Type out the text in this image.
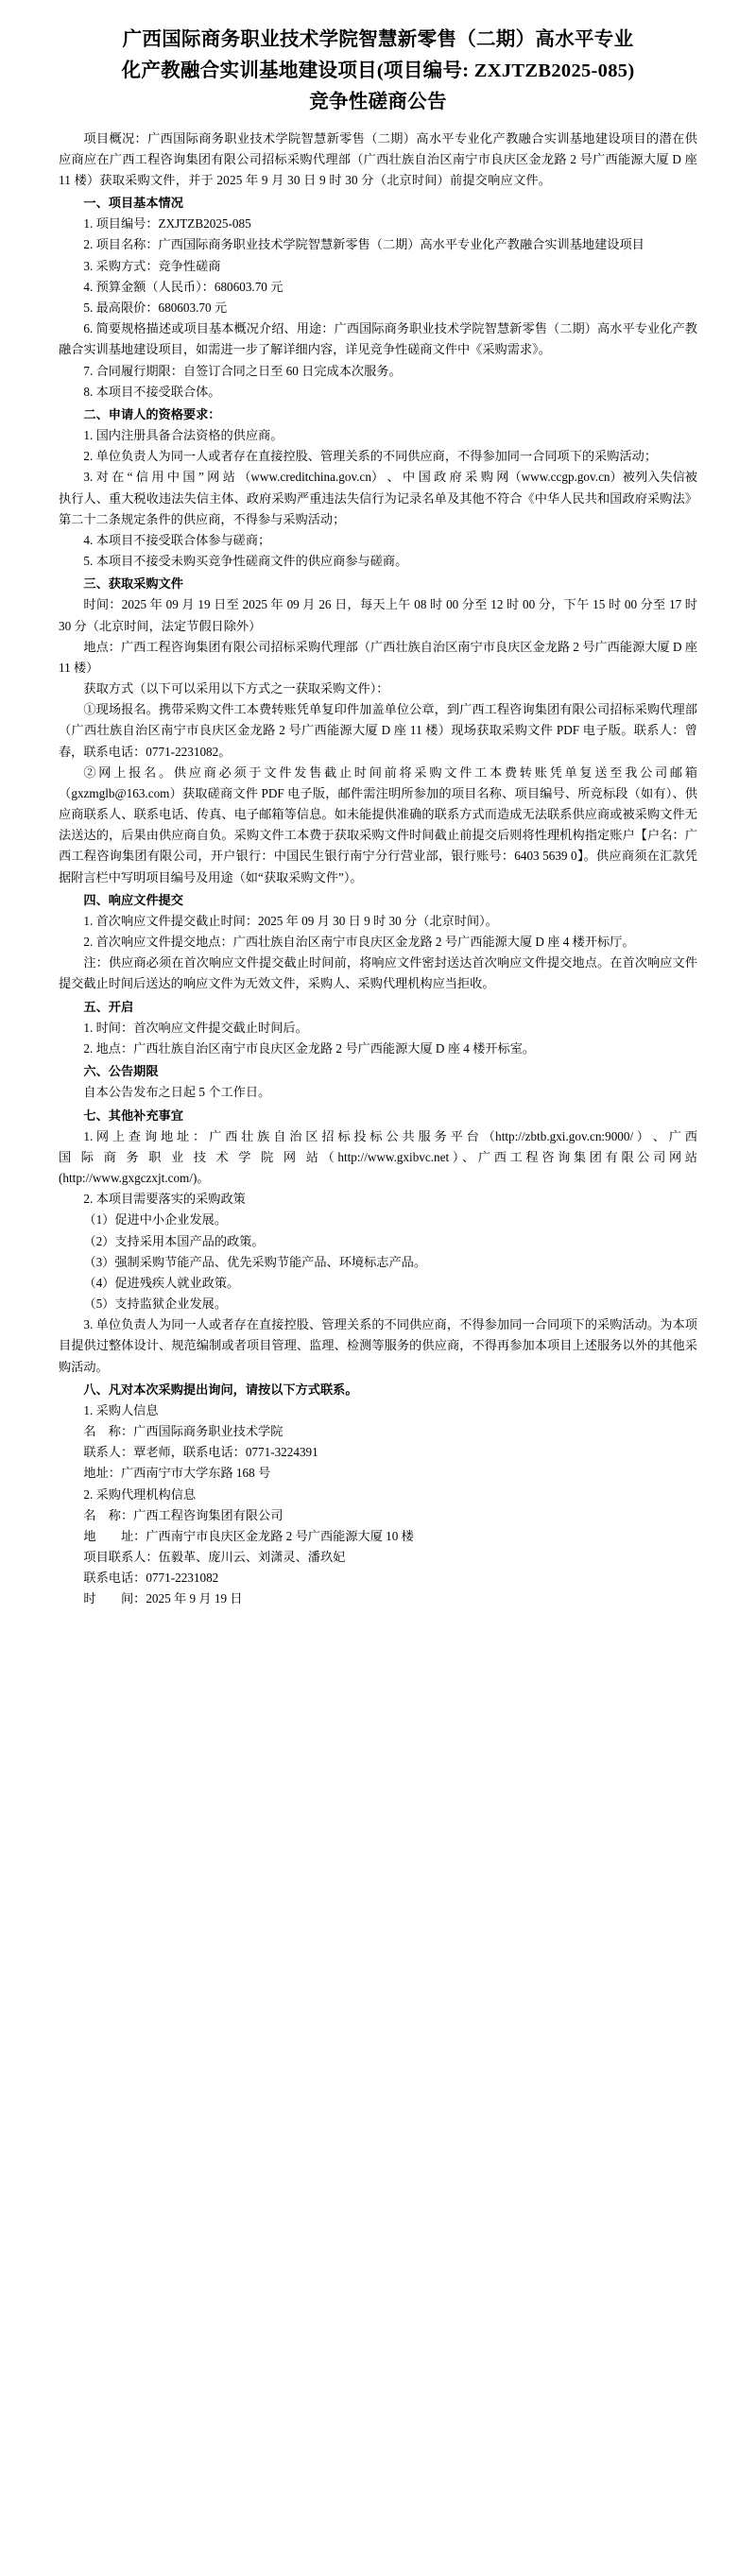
广西国际商务职业技术学院智慧新零售（二期）高水平专业
化产教融合实训基地建设项目(项目编号: ZXJTZB2025-085)
竞争性磋商公告

项目概况：广西国际商务职业技术学院智慧新零售（二期）高水平专业化产教融合实训基地建设项目的潜在供应商应在广西工程咨询集团有限公司招标采购代理部（广西壮族自治区南宁市良庆区金龙路 2 号广西能源大厦 D 座 11 楼）获取采购文件，并于 2025 年 9 月 30 日 9 时 30 分（北京时间）前提交响应文件。

一、项目基本情况

1. 项目编号：ZXJTZB2025-085

2. 项目名称：广西国际商务职业技术学院智慧新零售（二期）高水平专业化产教融合实训基地建设项目

3. 采购方式：竞争性磋商

4. 预算金额（人民币）：680603.70 元

5. 最高限价：680603.70 元

6. 简要规格描述或项目基本概况介绍、用途：广西国际商务职业技术学院智慧新零售（二期）高水平专业化产教融合实训基地建设项目，如需进一步了解详细内容，详见竞争性磋商文件中《采购需求》。

7. 合同履行期限：自签订合同之日至 60 日完成本次服务。

8. 本项目不接受联合体。

二、申请人的资格要求：

1. 国内注册具备合法资格的供应商。

2. 单位负责人为同一人或者存在直接控股、管理关系的不同供应商，不得参加同一合同项下的采购活动；

3. 对 在 “ 信 用 中 国 ” 网 站 （www.creditchina.gov.cn） 、 中 国 政 府 采 购 网（www.ccgp.gov.cn）被列入失信被执行人、重大税收违法失信主体、政府采购严重违法失信行为记录名单及其他不符合《中华人民共和国政府采购法》第二十二条规定条件的供应商，不得参与采购活动；

4. 本项目不接受联合体参与磋商；

5. 本项目不接受未购买竞争性磋商文件的供应商参与磋商。

三、获取采购文件

时间：2025 年 09 月 19 日至 2025 年 09 月 26 日，每天上午 08 时 00 分至 12 时 00 分，下午 15 时 00 分至 17 时 30 分（北京时间，法定节假日除外）

地点：广西工程咨询集团有限公司招标采购代理部（广西壮族自治区南宁市良庆区金龙路 2 号广西能源大厦 D 座 11 楼）

获取方式（以下可以采用以下方式之一获取采购文件）：

①现场报名。携带采购文件工本费转账凭单复印件加盖单位公章，到广西工程咨询集团有限公司招标采购代理部（广西壮族自治区南宁市良庆区金龙路 2 号广西能源大厦 D 座 11 楼）现场获取采购文件 PDF 电子版。联系人：曾春，联系电话：0771-2231082。

②网上报名。供应商必须于文件发售截止时间前将采购文件工本费转账凭单复送至我公司邮箱（gxzmglb@163.com）获取磋商文件 PDF 电子版，邮件需注明所参加的项目名称、项目编号、所竞标段（如有）、供应商联系人、联系电话、传真、电子邮箱等信息。如未能提供准确的联系方式而造成无法联系供应商或被采购文件无法送达的，后果由供应商自负。采购文件工本费于获取采购文件时间截止前提交后则将性理机构指定账户【户名：广西工程咨询集团有限公司，开户银行：中国民生银行南宁分行营业部，银行账号：6403 5639 0】。供应商须在汇款凭据附言栏中写明项目编号及用途（如“获取采购文件”）。

四、响应文件提交

1. 首次响应文件提交截止时间：2025 年 09 月 30 日 9 时 30 分（北京时间）。

2. 首次响应文件提交地点：广西壮族自治区南宁市良庆区金龙路 2 号广西能源大厦 D 座 4 楼开标厅。

注：供应商必须在首次响应文件提交截止时间前，将响应文件密封送达首次响应文件提交地点。在首次响应文件提交截止时间后送达的响应文件为无效文件，采购人、采购代理机构应当拒收。

五、开启

1. 时间：首次响应文件提交截止时间后。

2. 地点：广西壮族自治区南宁市良庆区金龙路 2 号广西能源大厦 D 座 4 楼开标室。

六、公告期限

自本公告发布之日起 5 个工作日。

七、其他补充事宜

1. 网 上 查 询 地 址 ： 广 西 壮 族 自 治 区 招 标 投 标 公 共 服 务 平 台 （http://zbtb.gxi.gov.cn:9000/ ） 、 广 西 国 际 商 务 职 业 技 术 学 院 网 站（http://www.gxibvc.net）、广西工程咨询集团有限公司网站(http://www.gxgczxjt.com/)。

2. 本项目需要落实的采购政策

（1）促进中小企业发展。

（2）支持采用本国产品的政策。

（3）强制采购节能产品、优先采购节能产品、环境标志产品。

（4）促进残疾人就业政策。

（5）支持监狱企业发展。

3. 单位负责人为同一人或者存在直接控股、管理关系的不同供应商，不得参加同一合同项下的采购活动。为本项目提供过整体设计、规范编制或者项目管理、监理、检测等服务的供应商，不得再参加本项目上述服务以外的其他采购活动。

八、凡对本次采购提出询问，请按以下方式联系。

1. 采购人信息

名　称：广西国际商务职业技术学院

联系人：覃老师，联系电话：0771-3224391

地址：广西南宁市大学东路 168 号

2. 采购代理机构信息

名　称：广西工程咨询集团有限公司

地　　址：广西南宁市良庆区金龙路 2 号广西能源大厦 10 楼

项目联系人：伍毅革、庞川云、刘潇灵、潘玖妃

联系电话：0771-2231082

时　　间：2025 年 9 月 19 日
